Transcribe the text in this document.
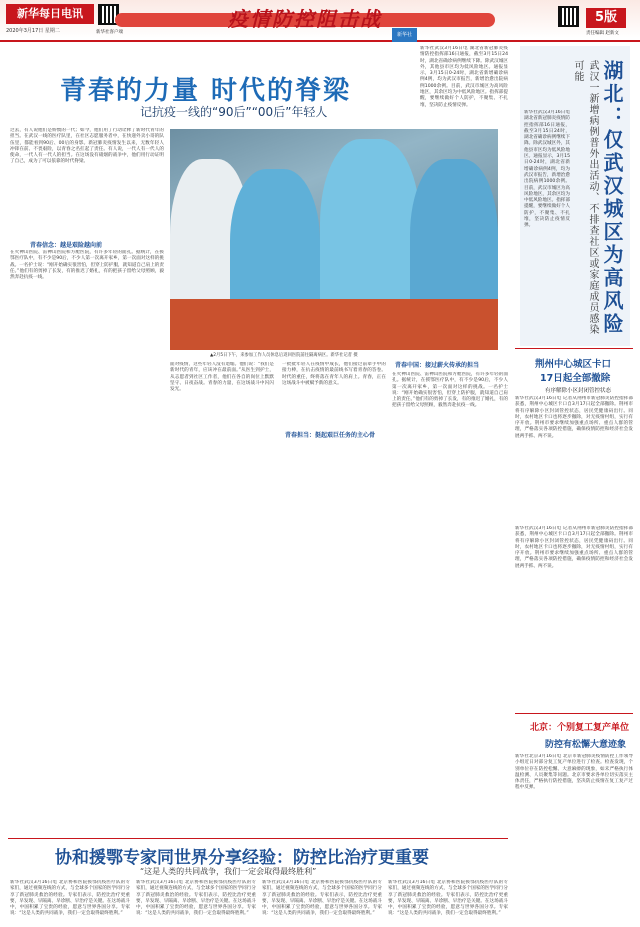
新华每日电讯
2020年3月17日 星期二	新华社客户端
疫情防控阻击战	5版
责任编辑 赵新文
青春的力量 时代的脊梁
记抗疫一线的“90后”“00后”年轻人
过去，有人说他们是娇惯的一代；如今，他们用了行动诠释了新时代青年的担当。在武汉一线的医疗队里，在社区志愿服务者中，在快递外卖小哥的队伍里，都能看到90后、00后的身影。新冠肺炎疫情发生以来，无数年轻人冲锋在前、不畏艰险，以青春之名扛起了责任。有人说，一代人有一代人的使命，一代人有一代人的担当。在这场没有硝烟的战争中，他们用行动证明了自己，成为了可以依靠的时代脊梁。
青春信念：越是艰险越向前
在火神山医院、雷神山医院和方舱医院，有许多年轻的面孔。据统计，在援鄂医疗队中，有不少是90后，不少人第一次离开家乡，第一次面对这样的挑战。一名护士说：“刚开始确实很害怕，但穿上防护服，就知道自己肩上的责任。”他们有的剪掉了长发，有的推迟了婚礼，有的把孩子留给父母照顾，毅然奔赴抗疫一线。
▲2月5日下午，来参加工作人员休息后返回医院前往隔离病区。新华社记者 摄
面对疫情，这些年轻人没有退缩。他们说：“我们是新时代的青年，应该冲在最前面。”从医生到护士，从志愿者到社区工作者，他们在各自的岗位上默默坚守、日夜奋战。青春的力量，在这场战斗中闪闪发光。
青春担当：挺起艰巨任务的主心骨
一批批年轻人在疫情中成长，他们接过前辈手中的接力棒，在抗击疫情的最前线书写着青春的答卷。时代的重任，终将落在青年人的肩上。青春，正在这场战斗中被赋予新的意义。
青春中国：接过薪火传承的担当
在火神山医院、雷神山医院和方舱医院，有许多年轻的面孔。据统计，在援鄂医疗队中，有不少是90后，不少人第一次离开家乡，第一次面对这样的挑战。一名护士说：“刚开始确实很害怕，但穿上防护服，就知道自己肩上的责任。”他们有的剪掉了长发，有的推迟了婚礼，有的把孩子留给父母照顾，毅然奔赴抗疫一线。
新华社
新华社武汉3月16日电 湖北省新冠肺炎疫情防控指挥部16日通报，截至3月15日24时，湖北省确诊病例继续下降。除武汉城区外，其他县市区均为低风险地区。通报显示，3月15日0-24时，湖北省新增确诊病例4例，均为武汉市报告，新增治愈出院病例1000余例。目前，武汉市城区为高风险地区，其余区均为中低风险地区。指挥部提醒，要继续做好个人防护，不聚集、不扎堆，坚决防止疫情反弹。	湖北：仅武汉城区为高风险
武汉一新增病例普外出活动、不排查社区或家庭成员感染可能
新华社武汉3月16日电 湖北省新冠肺炎疫情防控指挥部16日通报，截至3月15日24时，湖北省确诊病例继续下降。除武汉城区外，其他县市区均为低风险地区。通报显示，3月15日0-24时，湖北省新增确诊病例4例，均为武汉市报告，新增治愈出院病例1000余例。目前，武汉市城区为高风险地区，其余区均为中低风险地区。指挥部提醒，要继续做好个人防护，不聚集、不扎堆，坚决防止疫情反弹。
荆州中心城区卡口
17日起全部撤除
有序解除小区封闭管控状态
新华社武汉3月16日电 记者从荆州市新冠肺炎防控指挥部获悉，荆州中心城区卡口自3月17日起全部撤除。荆州市将有序解除小区封闭管控状态，居民凭健康码出行。同时，农村地区卡口也将逐步撤除，对无疫情村组，实行有序开放。荆州市要求继续加强重点场所、重点人群的管理，严格落实各项防控措施，确保疫情防控和经济社会发展两手抓、两不误。
新华社武汉3月16日电 记者从荆州市新冠肺炎防控指挥部获悉，荆州中心城区卡口自3月17日起全部撤除。荆州市将有序解除小区封闭管控状态，居民凭健康码出行。同时，农村地区卡口也将逐步撤除，对无疫情村组，实行有序开放。荆州市要求继续加强重点场所、重点人群的管理，严格落实各项防控措施，确保疫情防控和经济社会发展两手抓、两不误。
北京：个别复工复产单位
防控有松懈大意迹象
新华社北京3月16日电 北京市新冠肺炎疫情防控工作领导小组近日对部分复工复产单位进行了检查。检查发现，个别单位存在防控松懈、大意麻痹的现象，如未严格执行体温检测、人员聚集等问题。北京市要求各单位切实落实主体责任，严格执行防控措施，坚决防止疫情在复工复产过程中反弹。
协和援鄂专家同世界分享经验：防控比治疗更重要
“这是人类的共同战争，我们一定会取得最终胜利”
新华社武汉3月16日电 北京协和医院援鄂抗疫医疗队的专家们，通过视频连线的方式，与全球多个国家的医学同行分享了新冠肺炎救治的经验。专家们表示，防控比治疗更重要，早发现、早隔离、早诊断、早治疗是关键。在这场战斗中，中国积累了宝贵的经验，愿意与世界各国分享。专家说：“这是人类的共同战争，我们一定会取得最终胜利。”
新华社武汉3月16日电 北京协和医院援鄂抗疫医疗队的专家们，通过视频连线的方式，与全球多个国家的医学同行分享了新冠肺炎救治的经验。专家们表示，防控比治疗更重要，早发现、早隔离、早诊断、早治疗是关键。在这场战斗中，中国积累了宝贵的经验，愿意与世界各国分享。专家说：“这是人类的共同战争，我们一定会取得最终胜利。”
新华社武汉3月16日电 北京协和医院援鄂抗疫医疗队的专家们，通过视频连线的方式，与全球多个国家的医学同行分享了新冠肺炎救治的经验。专家们表示，防控比治疗更重要，早发现、早隔离、早诊断、早治疗是关键。在这场战斗中，中国积累了宝贵的经验，愿意与世界各国分享。专家说：“这是人类的共同战争，我们一定会取得最终胜利。”
新华社武汉3月16日电 北京协和医院援鄂抗疫医疗队的专家们，通过视频连线的方式，与全球多个国家的医学同行分享了新冠肺炎救治的经验。专家们表示，防控比治疗更重要，早发现、早隔离、早诊断、早治疗是关键。在这场战斗中，中国积累了宝贵的经验，愿意与世界各国分享。专家说：“这是人类的共同战争，我们一定会取得最终胜利。”
